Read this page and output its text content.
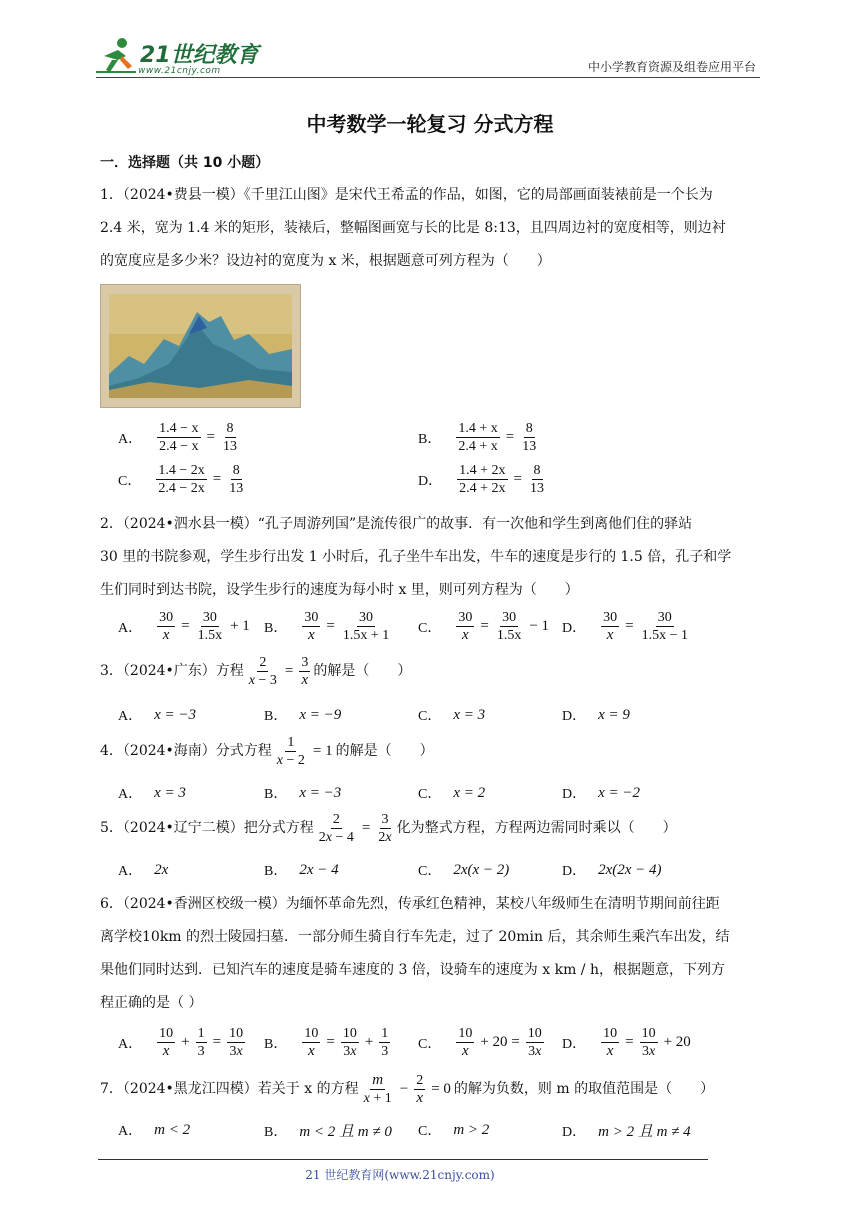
21世纪教育
www.21cnjy.com	中小学教育资源及组卷应用平台
中考数学一轮复习 分式方程
一．选择题（共 10 小题）
1．（2024•费县一模）《千里江山图》是宋代王希孟的作品，如图，它的局部画面装裱前是一个长为
2.4 米，宽为 1.4 米的矩形，装裱后，整幅图画宽与长的比是 8:13，且四周边衬的宽度相等，则边衬
的宽度应是多少米？设边衬的宽度为 x 米，根据题意可列方程为（　　）
A． $\frac{1.4 - x}{2.4 - x} = \frac{8}{13}$	B． $\frac{1.4 + x}{2.4 + x} = \frac{8}{13}$
C． $\frac{1.4 - 2x}{2.4 - 2x} = \frac{8}{13}$	D． $\frac{1.4 + 2x}{2.4 + 2x} = \frac{8}{13}$
2．（2024•泗水县一模）“孔子周游列国”是流传很广的故事．有一次他和学生到离他们住的驿站
30 里的书院参观，学生步行出发 1 小时后，孔子坐牛车出发，牛车的速度是步行的 1.5 倍，孔子和学
生们同时到达书院，设学生步行的速度为每小时 x 里，则可列方程为（　　）
A． $\frac{30}{x} = \frac{30}{1.5x} + 1$ B． $\frac{30}{x} = \frac{30}{1.5x + 1}$ C． $\frac{30}{x} = \frac{30}{1.5x} - 1$ D． $\frac{30}{x} = \frac{30}{1.5x - 1}$
3．（2024•广东）方程 $\frac{2}{x - 3} = \frac{3}{x}$ 的解是（　　）
A． x = −3	B． x = −9	C． x = 3	D． x = 9
4．（2024•海南）分式方程 $\frac{1}{x - 2} = 1$ 的解是（　　）
A． x = 3	B． x = −3	C． x = 2	D． x = −2
5．（2024•辽宁二模）把分式方程 $\frac{2}{2x - 4} = \frac{3}{2x}$ 化为整式方程，方程两边需同时乘以（　　）
A． 2x	B． 2x − 4	C． 2x(x − 2)	D． 2x(2x − 4)
6．（2024•香洲区校级一模）为缅怀革命先烈，传承红色精神，某校八年级师生在清明节期间前往距
离学校10km 的烈士陵园扫墓．一部分师生骑自行车先走，过了 20min 后，其余师生乘汽车出发，结
果他们同时达到．已知汽车的速度是骑车速度的 3 倍，设骑车的速度为 x km / h，根据题意，下列方
程正确的是（ ）
A．
10
x
+ $\frac{1}{3} = \frac{10}{3x}$ B． $\frac{10}{x} = \frac{10}{3x} + \frac{1}{3}$ C．
10
x
+ $20 = \frac{10}{3x}$ D． $\frac{10}{x} = \frac{10}{3x} + 20$
7．（2024•黑龙江四模）若关于 x 的方程
m
x + 1
− $\frac{2}{x} = 0$ 的解为负数，则 m 的取值范围是（　　）
A． m < 2	B． m < 2 且 m ≠ 0 C． m > 2	D． m > 2 且 m ≠ 4
21 世纪教育网(www.21cnjy.com)
